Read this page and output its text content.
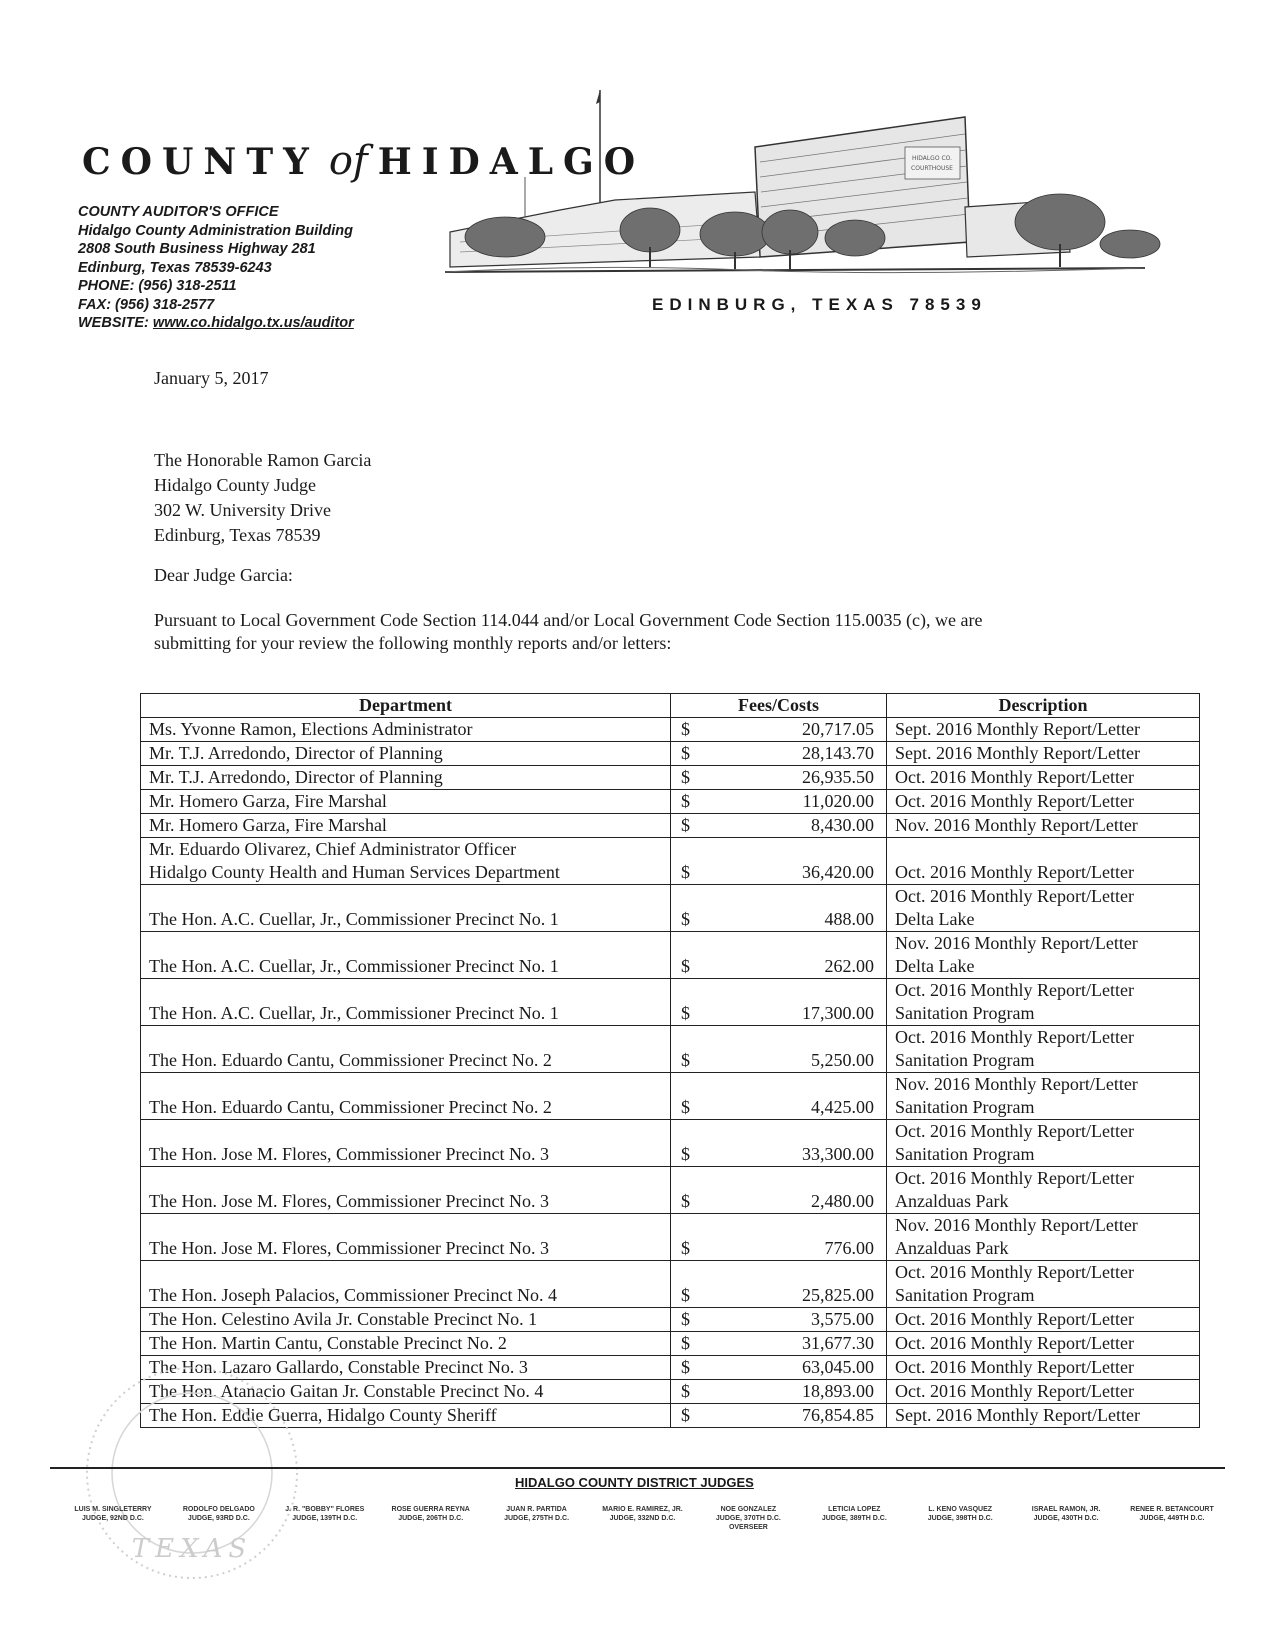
COUNTY of HIDALGO	HIDALGO CO.
COURTHOUSE
COUNTY AUDITOR'S OFFICE
Hidalgo County Administration Building
2808 South Business Highway 281
Edinburg, Texas 78539-6243
PHONE: (956) 318-2511
FAX: (956) 318-2577
WEBSITE: www.co.hidalgo.tx.us/auditor
EDINBURG, TEXAS 78539
January 5, 2017
The Honorable Ramon Garcia
Hidalgo County Judge
302 W. University Drive
Edinburg, Texas 78539
Dear Judge Garcia:
Pursuant to Local Government Code Section 114.044 and/or Local Government Code Section 115.0035 (c), we are
submitting for your review the following monthly reports and/or letters:
Department	Fees/Costs	Description

Ms. Yvonne Ramon, Elections Administrator	$ 20,717.05	Sept. 2016 Monthly Report/Letter

Mr. T.J. Arredondo, Director of Planning	$ 28,143.70	Sept. 2016 Monthly Report/Letter

Mr. T.J. Arredondo, Director of Planning	$ 26,935.50	Oct. 2016 Monthly Report/Letter

Mr. Homero Garza, Fire Marshal	$ 11,020.00	Oct. 2016 Monthly Report/Letter

Mr. Homero Garza, Fire Marshal	$ 8,430.00	Nov. 2016 Monthly Report/Letter

Mr. Eduardo Olivarez, Chief Administrator Officer
Hidalgo County Health and Human Services Department	$ 36,420.00	Oct. 2016 Monthly Report/Letter

The Hon. A.C. Cuellar, Jr., Commissioner Precinct No. 1	$ 488.00	Oct. 2016 Monthly Report/Letter
Delta Lake

The Hon. A.C. Cuellar, Jr., Commissioner Precinct No. 1	$ 262.00	Nov. 2016 Monthly Report/Letter
Delta Lake

The Hon. A.C. Cuellar, Jr., Commissioner Precinct No. 1	$ 17,300.00	Oct. 2016 Monthly Report/Letter
Sanitation Program

The Hon. Eduardo Cantu, Commissioner Precinct No. 2	$ 5,250.00	Oct. 2016 Monthly Report/Letter
Sanitation Program

The Hon. Eduardo Cantu, Commissioner Precinct No. 2	$ 4,425.00	Nov. 2016 Monthly Report/Letter
Sanitation Program

The Hon. Jose M. Flores, Commissioner Precinct No. 3	$ 33,300.00	Oct. 2016 Monthly Report/Letter
Sanitation Program

The Hon. Jose M. Flores, Commissioner Precinct No. 3	$ 2,480.00	Oct. 2016 Monthly Report/Letter
Anzalduas Park

The Hon. Jose M. Flores, Commissioner Precinct No. 3	$ 776.00	Nov. 2016 Monthly Report/Letter
Anzalduas Park

The Hon. Joseph Palacios, Commissioner Precinct No. 4	$ 25,825.00	Oct. 2016 Monthly Report/Letter
Sanitation Program

The Hon. Celestino Avila Jr. Constable Precinct No. 1	$ 3,575.00	Oct. 2016 Monthly Report/Letter

The Hon. Martin Cantu, Constable Precinct No. 2	$ 31,677.30	Oct. 2016 Monthly Report/Letter

The Hon. Lazaro Gallardo, Constable Precinct No. 3	$ 63,045.00	Oct. 2016 Monthly Report/Letter

The Hon. Atanacio Gaitan Jr. Constable Precinct No. 4	$ 18,893.00	Oct. 2016 Monthly Report/Letter

The Hon. Eddie Guerra, Hidalgo County Sheriff	$ 76,854.85	Sept. 2016 Monthly Report/Letter
TEXAS
HIDALGO COUNTY DISTRICT JUDGES
LUIS M. SINGLETERRY
JUDGE, 92ND D.C.
RODOLFO DELGADO
JUDGE, 93RD D.C.
J. R. "BOBBY" FLORES
JUDGE, 139TH D.C.
ROSE GUERRA REYNA
JUDGE, 206TH D.C.
JUAN R. PARTIDA
JUDGE, 275TH D.C.
MARIO E. RAMIREZ, JR.
JUDGE, 332ND D.C.
NOE GONZALEZ
JUDGE, 370TH D.C.
OVERSEER
LETICIA LOPEZ
JUDGE, 389TH D.C.
L. KENO VASQUEZ
JUDGE, 398TH D.C.
ISRAEL RAMON, JR.
JUDGE, 430TH D.C.
RENEE R. BETANCOURT
JUDGE, 449TH D.C.
